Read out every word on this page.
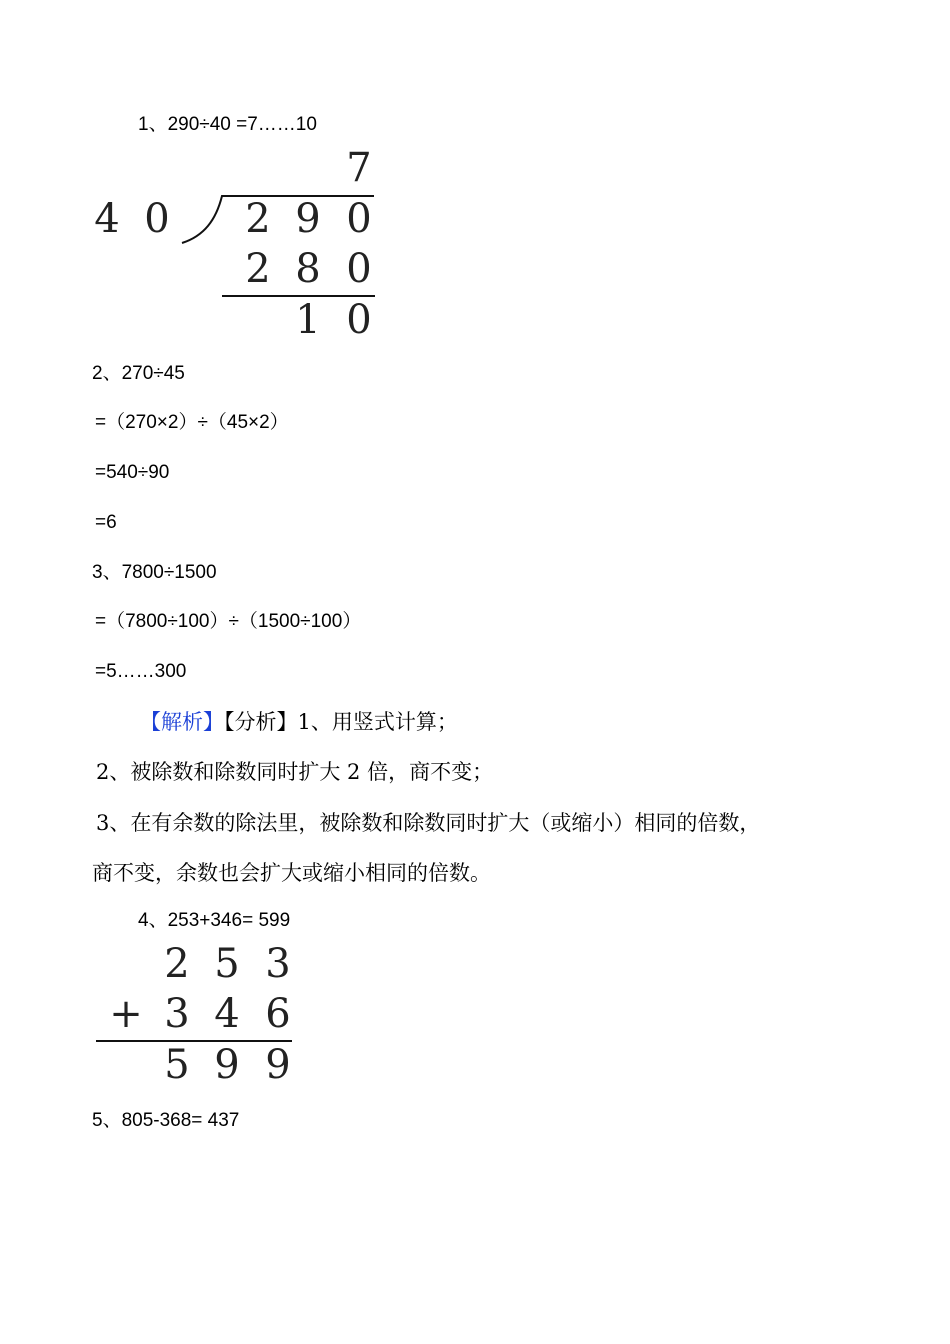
1、290÷40 =7……10
7
4 0 2 9 0
2 8 0
1 0
2、270÷45
=（270×2）÷（45×2）
=540÷90
=6
3、7800÷1500
=（7800÷100）÷（1500÷100）
=5……300
【解析】【分析】1、用竖式计算；
2、被除数和除数同时扩大 2 倍，商不变；
3、在有余数的除法里，被除数和除数同时扩大（或缩小）相同的倍数，
商不变，余数也会扩大或缩小相同的倍数。
4、253+346= 599
2 5 3
+ 3 4 6
5 9 9
5、805-368= 437
